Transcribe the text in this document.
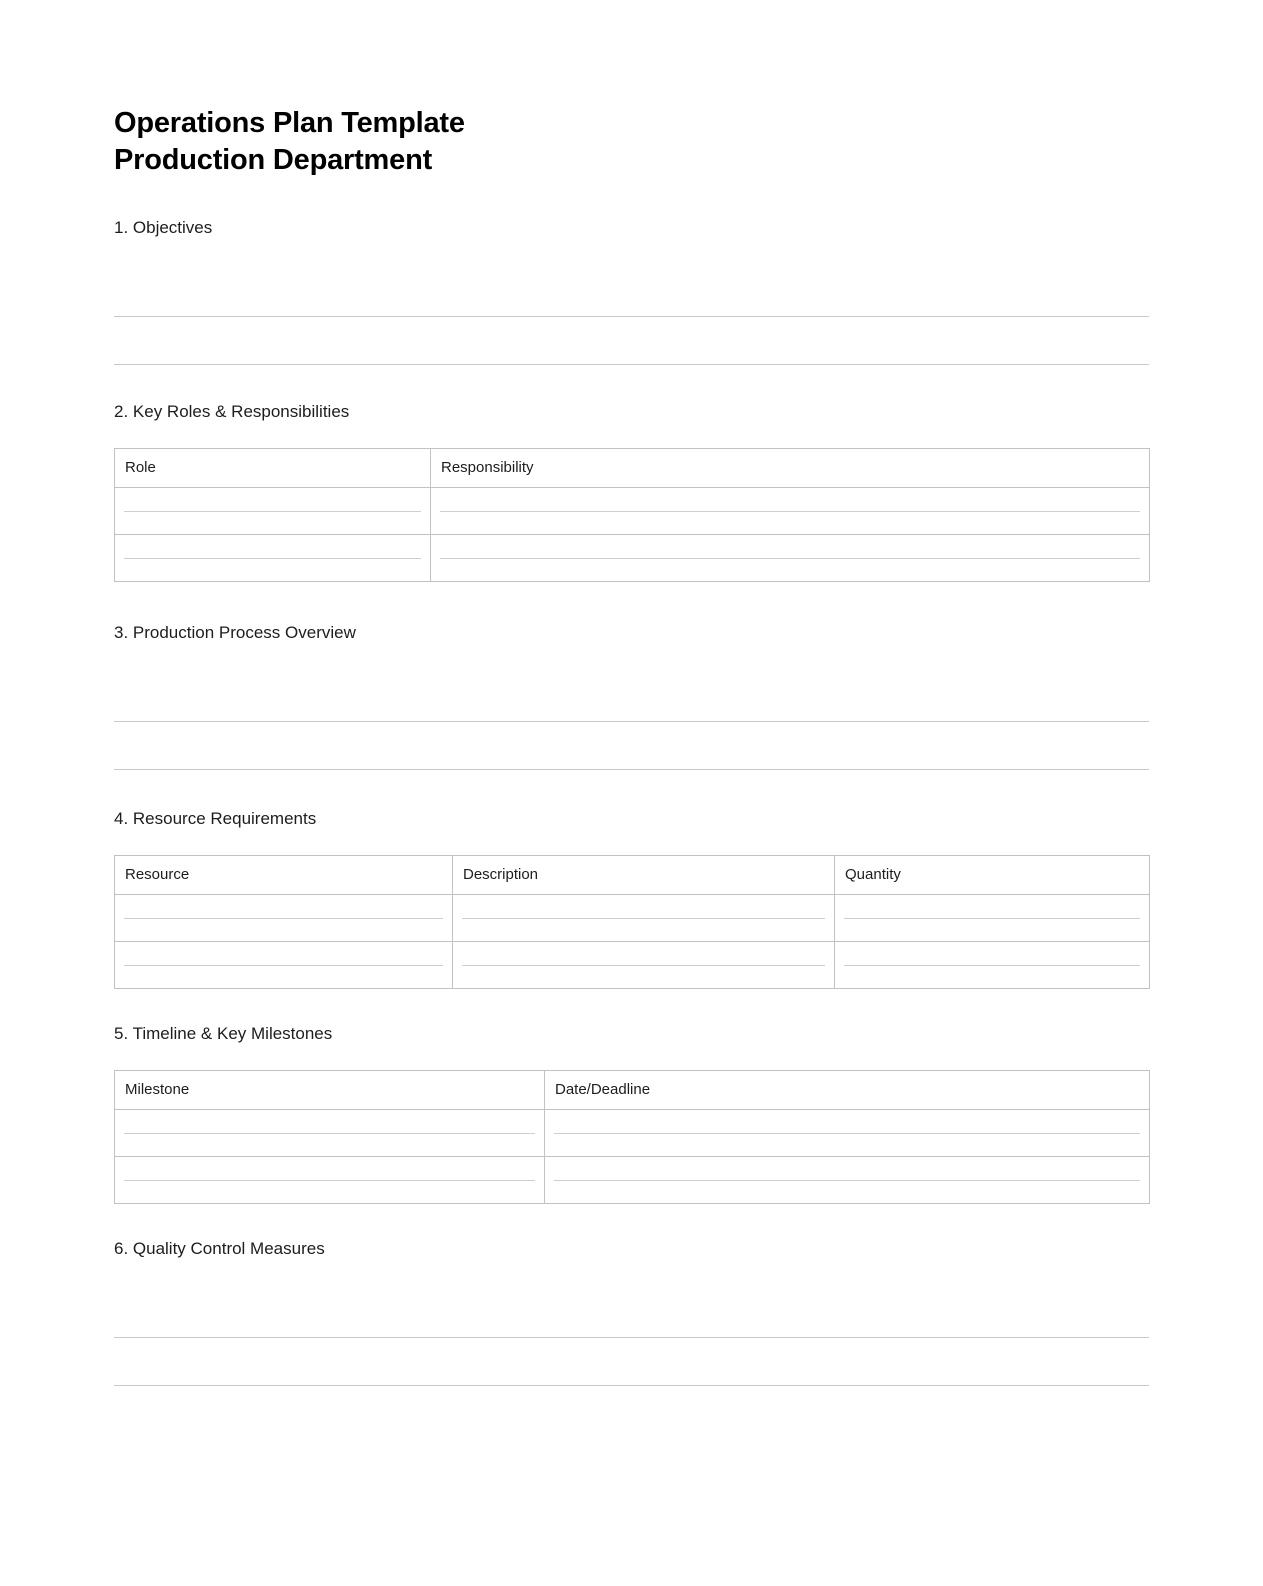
Operations Plan Template
Production Department
1. Objectives
2. Key Roles & Responsibilities
Role	Responsibility

3. Production Process Overview
4. Resource Requirements
Resource	Description	Quantity

5. Timeline & Key Milestones
Milestone	Date/Deadline

6. Quality Control Measures
